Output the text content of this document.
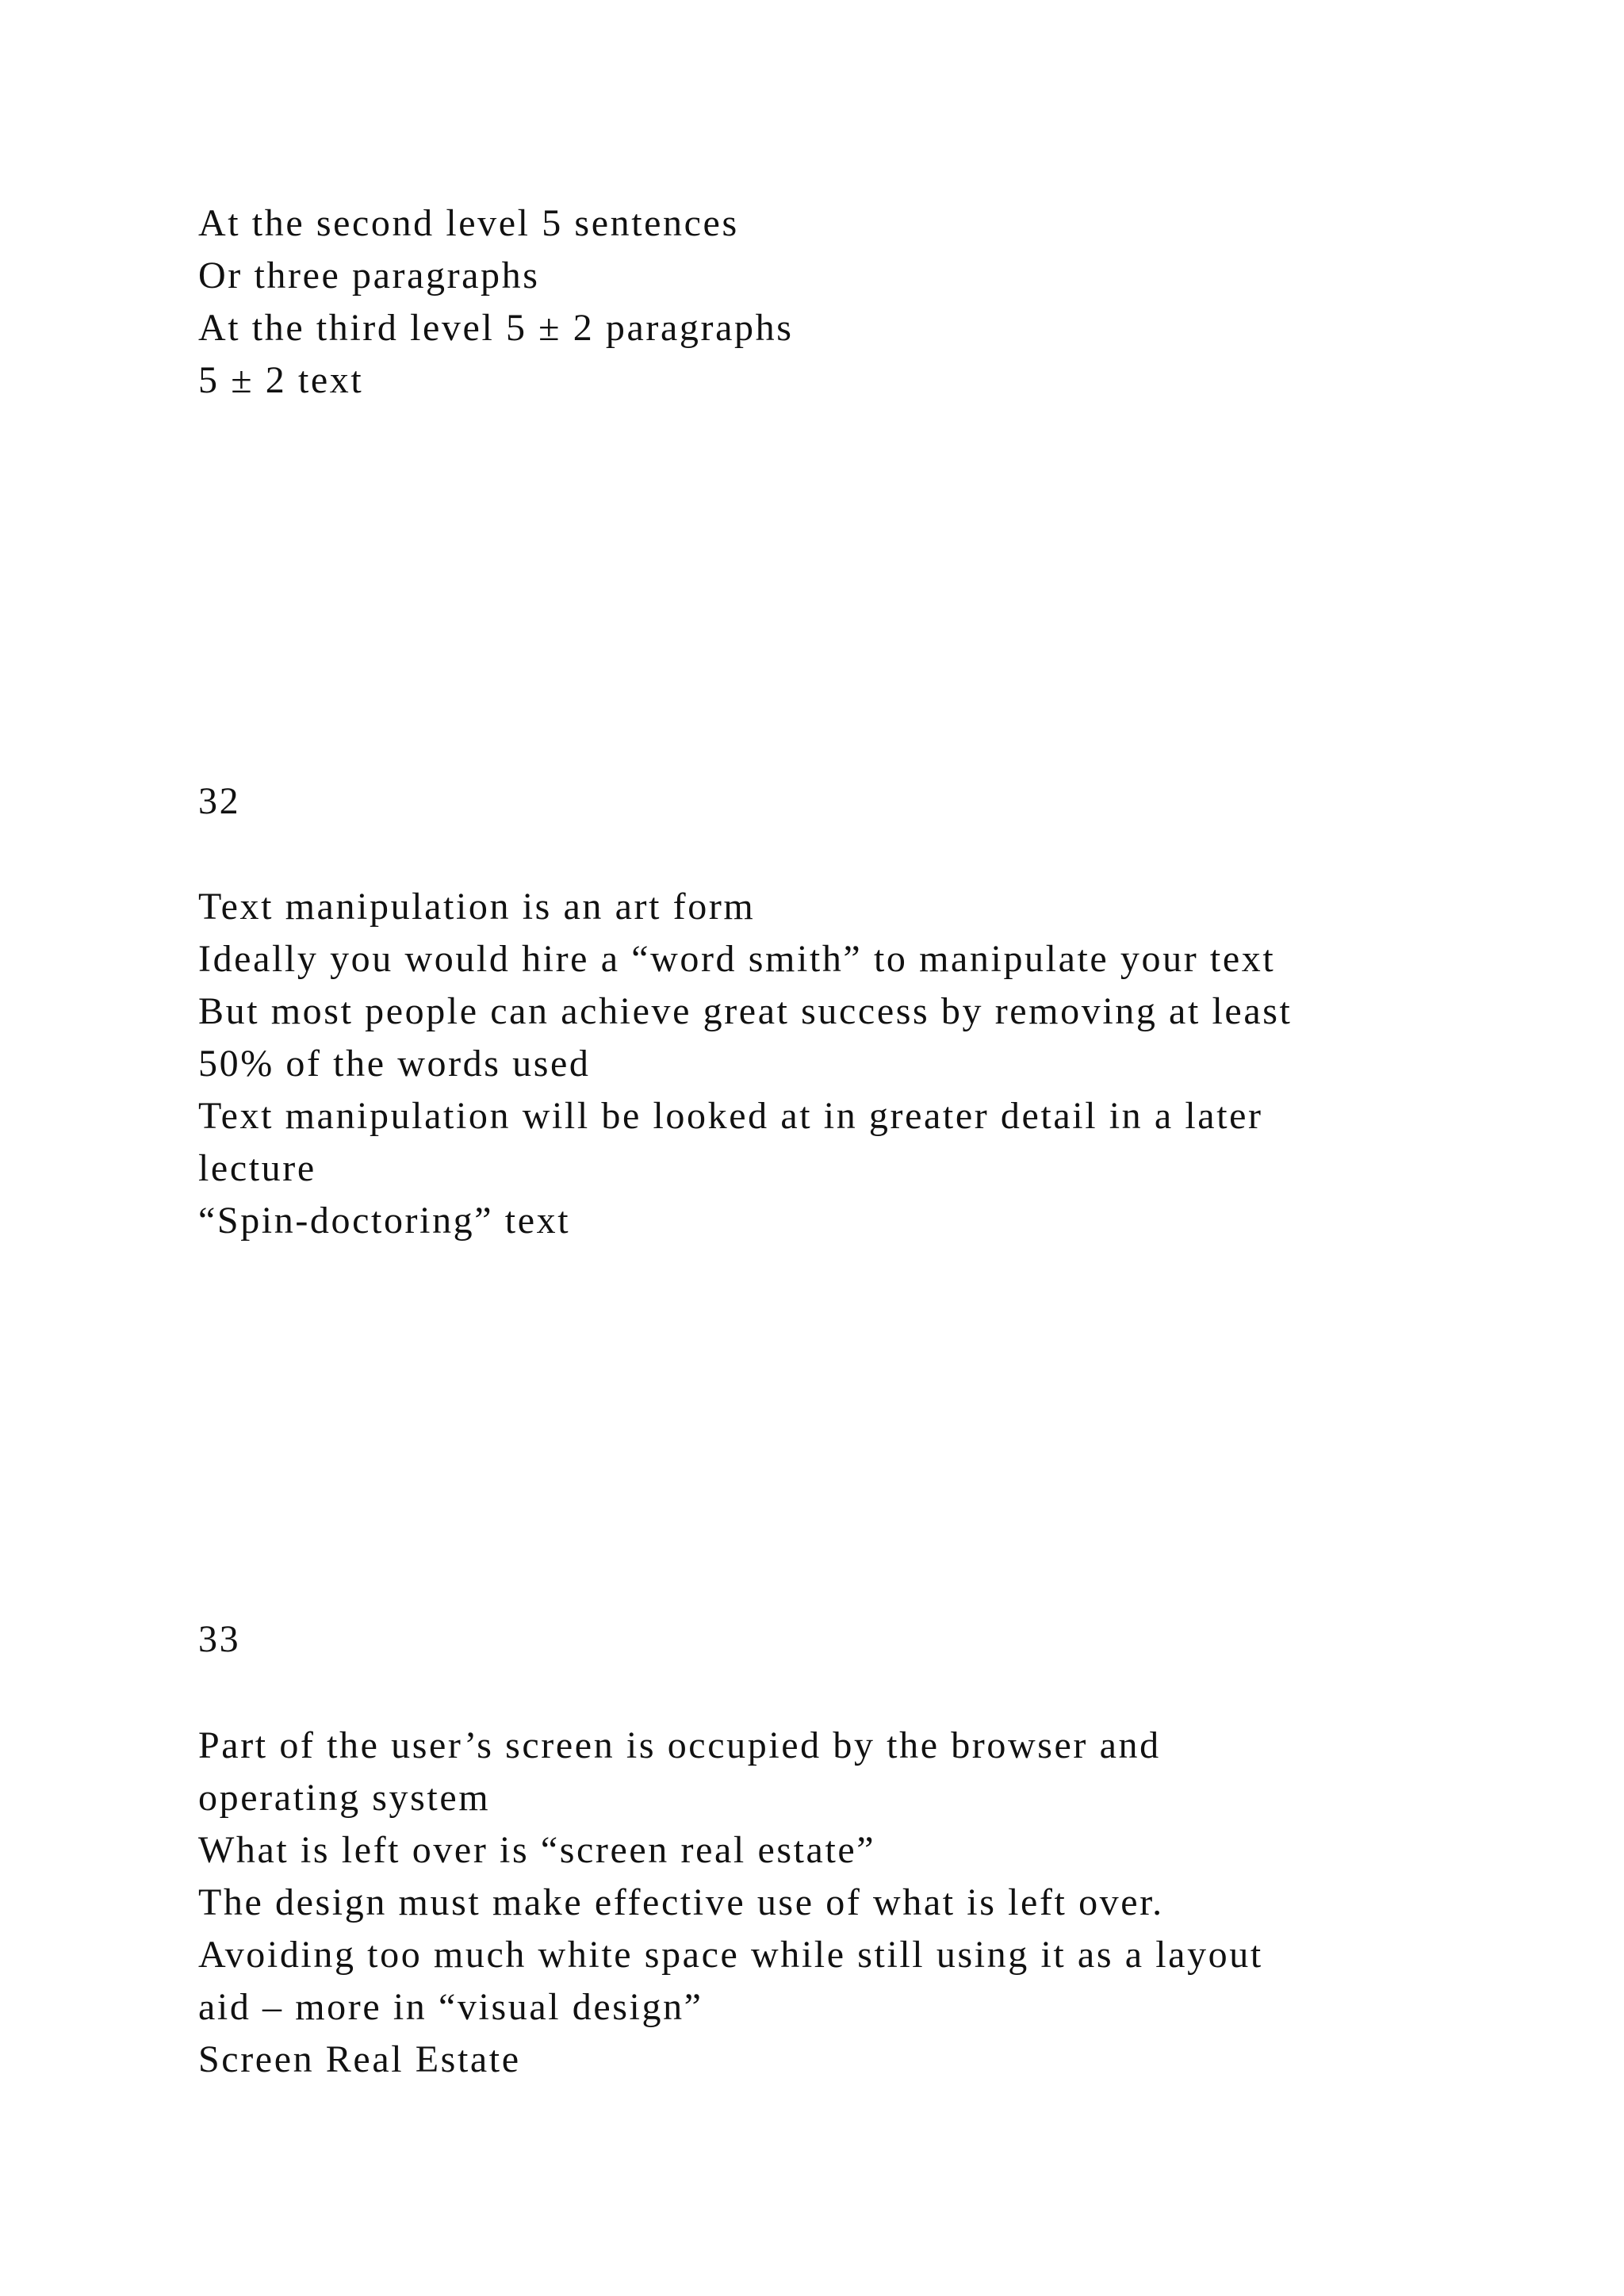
At the second level 5 sentences
Or three paragraphs
At the third level 5 ± 2 paragraphs
5 ± 2 text
32
Text manipulation is an art form
Ideally you would hire a “word smith” to manipulate your text
But most people can achieve great success by removing at least
50% of the words used
Text manipulation will be looked at in greater detail in a later
lecture
“Spin-doctoring” text
33
Part of the user’s screen is occupied by the browser and
operating system
What is left over is “screen real estate”
The design must make effective use of what is left over.
Avoiding too much white space while still using it as a layout
aid – more in “visual design”
Screen Real Estate
